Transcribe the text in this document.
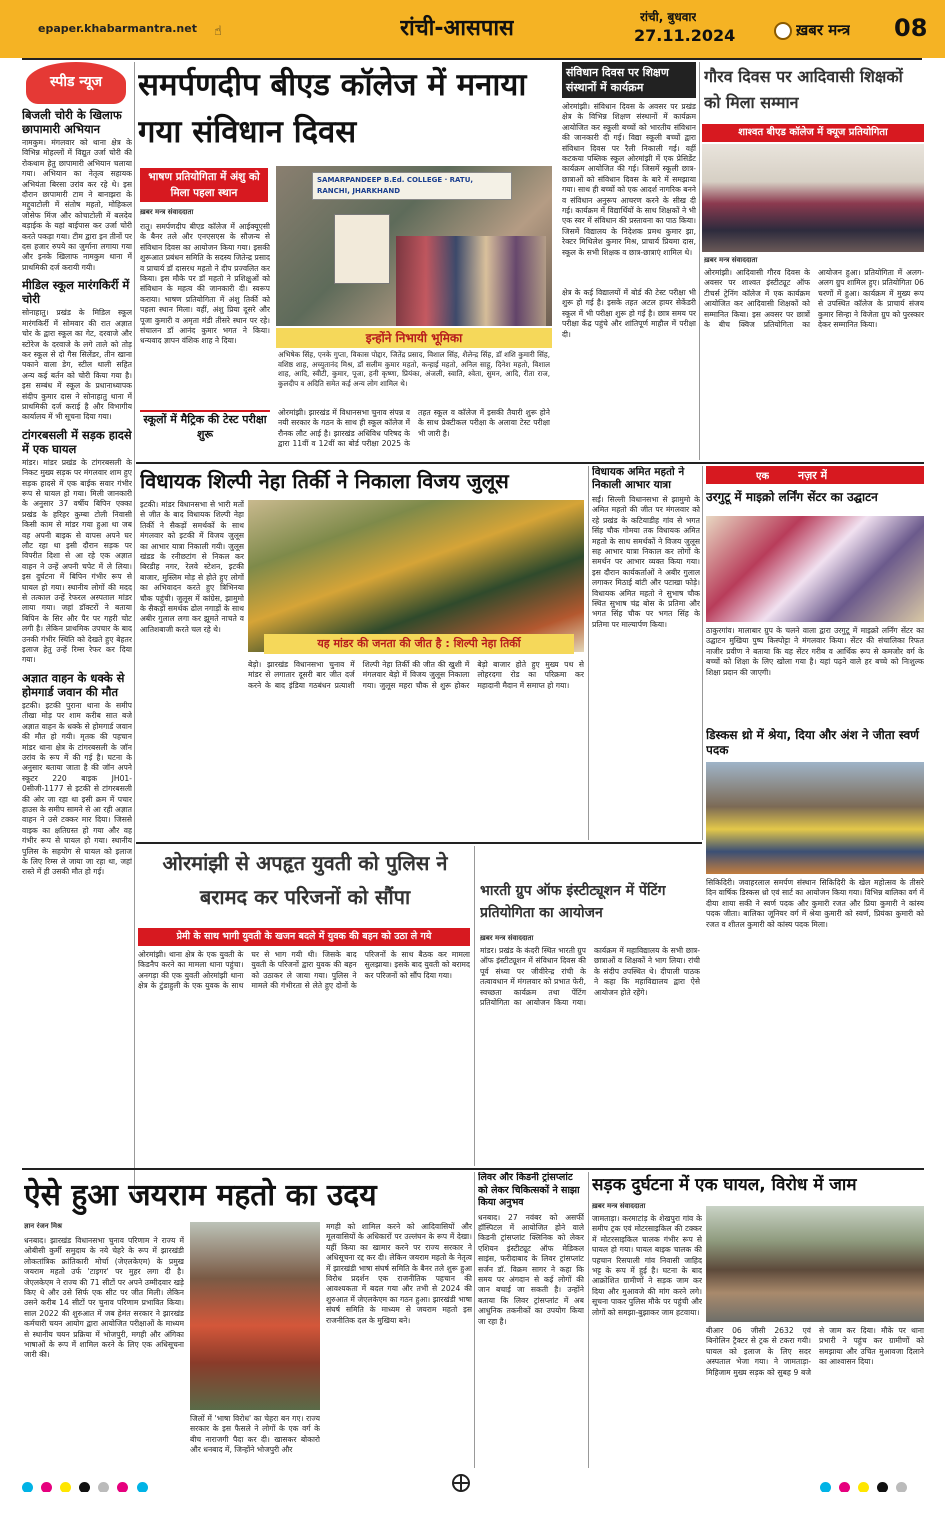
epaper.khabarmantra.net ☝	रांची-आसपास	रांची, बुधवार
27.11.2024	ख़बर मन्त्र 08
स्पीड न्यूज
बिजली चोरी के खिलाफ छापामारी अभियान
नामकुम। मंगलवार को थाना क्षेत्र के विभिन्न मोहल्लों में विद्युत उर्जा चोरी की रोकथाम हेतु छापामारी अभियान चलाया गया। अभियान का नेतृत्व सहायक अभियंता बिरसा उरांव कर रहे थे। इस दौरान छापामारी टाम ने बानाझरा के मद्दुवाटोली में संतोष महतो, मोहिकल जोसेफ मिंज और कोचाटोली में बलदेव बड़ाईक के यहां बाईपास कर उर्जा चोरी करते पकड़ा गया। टीम द्वारा इन तीनों पर दस हजार रुपये का जुर्माना लगाया गया और इनके खिलाफ नामकुम थाना में प्राथमिकी दर्ज करायी गयी।
मीडिल स्कूल मारंगकिर्री में चोरी
सोनाहातु। प्रखंड के मिडिल स्कूल मारंगकिर्री में सोमवार की रात अज्ञात चोर के द्वारा स्कूल का गेट, दरवाजे और स्टोरेज के दरवाजे के लगे ताले को तोड़ कर स्कूल से दो गैस सिलेंडर, तीन खाना पकाने वाला डेग, स्टील थाली सहित अन्य कई बर्तन को चोरी किया गया है। इस सम्बंध में स्कूल के प्रधानाध्यापक संदीप कुमार दास ने सोनाहातु थाना में प्राथमिकी दर्ज कराई है और विभागीय कार्यालय में भी सूचना दिया गया।
टांगरबसली में सड़क हादसे में एक घायल
मांडर। मांडर प्रखंड के टांगरबसली के निकट मुख्य सड़क पर मंगलवार शाम हुए सड़क हादसे में एक बाईक सवार गंभीर रूप से घायल हो गया। मिली जानकारी के अनुसार 37 वर्षीय बिपिन एक्का प्रखंड के हरिहर कुम्बा टोली निवासी किसी काम से मांडर गया हुआ था जब वह अपनी बाइक से वापस अपने घर लौट रहा था इसी दौरान सड़क पर विपरीत दिशा से आ रहे एक अज्ञात वाहन ने उन्हें अपनी चपेट में ले लिया। इस दुर्घटना में बिपिन गंभीर रूप से घायल हो गया। स्थानीय लोगों की मदद से तत्काल उन्हें रेफरल अस्पताल मांडर लाया गया। जहां डॉक्टरों ने बताया बिपिन के सिर और पैर पर गहरी चोट लगी है। लेकिन प्राथमिक उपचार के बाद उनकी गंभीर स्थिति को देखते हुए बेहतर इलाज हेतु उन्हें रिम्स रेफर कर दिया गया।
अज्ञात वाहन के धक्के से होमगार्ड जवान की मौत
इटकी। इटकी पुराना थाना के समीप तीखा मोड़ पर शाम करीब सात बजे अज्ञात वाहन के धक्के से होमगार्ड जवान की मौत हो गयी। मृतक की पहचान मांडर थाना क्षेत्र के टांगरबसली के जॉन उरांव के रूप में की गई है। घटना के अनुसार बताया जाता है की जॉन अपने स्कूटर 220 बाइक JH01-0सीजी-1177 से इटकी से टांगरबसली की ओर जा रहा था इसी क्रम में पचार हाउस के समीप सामने से आ रही अज्ञात वाहन ने उसे टक्कर मार दिया। जिससे वाइक का क्षतिग्रस्त हो गया और वह गंभीर रूप से घायल हो गया। स्थानीय पुलिस के सहयोग से घायल को इलाज के लिए रिम्स ले जाया जा रहा था, जहां रास्ते में ही उसकी मौत हो गई।
समर्पणदीप बीएड कॉलेज में मनाया गया संविधान दिवस
भाषण प्रतियोगिता में अंशु को मिला पहला स्थान
ख़बर मन्त्र संवाददाता
रातू। समर्पणदीप बीएड कॉलेज में आईक्यूएसी के बैनर तले और एनएसएस के सौजन्य से संविधान दिवस का आयोजन किया गया। इसकी शुरूआत प्रबंधन समिति के सदस्य जितेन्द्र प्रसाद व प्राचार्य डॉ दासरथ महतो ने दीप प्रज्वलित कर किया। इस मौके पर डॉ महतो ने प्रशिक्षुओं को संविधान के महत्व की जानकारी दी। स्वरूप कराया। भाषण प्रतियोगिता में अंशु तिर्की को पहला स्थान मिला। वहीं, अंशु प्रिया दूसरे और पूजा कुमारी व अमृता मंडी तीसरे स्थान पर रहे। संचालन डॉ आनंद कुमार भगत ने किया। धन्यवाद ज्ञापन वंशिक शाह ने दिया।
स्कूलों में मैट्रिक की टेस्ट परीक्षा शुरू
SAMARPANDEEP B.Ed. COLLEGE · RATU, RANCHI, JHARKHAND
इन्होंने निभायी भूमिका
अभिषेक सिंह, एनके गुप्ता, विकास पोद्दार, जितेंद्र प्रसाद, विशाल सिंह, शैलेन्द्र सिंह, डॉ शशि कुमारी सिंह, वशिष्ठ शाह, अच्युतानंद मिश्र, डॉ सलीम कुमार महतो, कन्हाई महतो, अनिल साहू, दिनेश महतो, विशाल शाह, आदि, स्वीटी, कुमार, पूजा, हनी कृष्णा, प्रियंका, अंजली, स्वाति, श्वेता, सुमन, आदि, रीता राज, कुलदीप व अदिति समेत कई अन्य लोग शामिल थे।
ओरमांझी। झारखंड में विधानसभा चुनाव संपन्न व नयी सरकार के गठन के साथ ही स्कूल कॉलेज में रौनक लौट आई है। झारखंड अधिविध परिषद के द्वारा 11वीं व 12वीं का बोर्ड परीक्षा 2025 के तहत स्कूल व कॉलेज में इसकी तैयारी शुरू होने के साथ प्रेक्टीकल परीक्षा के अलावा टेस्ट परीक्षा भी जारी है।
संविधान दिवस पर शिक्षण संस्थानों में कार्यक्रम
ओरमांझी। संविधान दिवस के अवसर पर प्रखंड क्षेत्र के विभिन्न शिक्षण संस्थानों में कार्यक्रम आयोजित कर स्कूली बच्चों को भारतीय संविधान की जानकारी दी गई। विद्या स्कूली बच्चों द्वारा संविधान दिवस पर रैली निकाली गई। वहीं कटकया पब्लिक स्कूल ओरमांझी में एक प्रेसिडेंट कार्यक्रम आयोजित की गई। जिसमें स्कूली छात्र-छात्राओं को संविधान दिवस के बारे में समझाया गया। साथ ही बच्चों को एक आदर्श नागरिक बनने व संविधान अनुरूप आचरण करने के सीख दी गई। कार्यक्रम में विद्यार्थियों के साथ शिक्षकों ने भी एक स्वर में संविधान की प्रस्तावना का पाठ किया। जिसमें विद्यालय के निदेशक प्रमथ कुमार झा, रेक्टर मिथिलेश कुमार मिश्र, प्राचार्य प्रियमा दास, स्कूल के सभी शिक्षक व छात्र-छात्राएं शामिल थे।
क्षेत्र के कई विद्यालयों में बोर्ड की टेस्ट परीक्षा भी शुरू हो गई है। इसके तहत अटल हायर सेकेंडरी स्कूल में भी परीक्षा शुरू हो गई है। छात्र समय पर परीक्षा केंद्र पहुंचे और शांतिपूर्ण माहौल में परीक्षा दी।
गौरव दिवस पर आदिवासी शिक्षकों को मिला सम्मान
शाश्वत बीएड कॉलेज में क्यूज प्रतियोगिता
ख़बर मन्त्र संवाददाता
ओरमांझी। आदिवासी गौरव दिवस के अवसर पर शाश्वत इंस्टीट्यूट ऑफ टीचर्स ट्रेनिंग कॉलेज में एक कार्यक्रम आयोजित कर आदिवासी शिक्षकों को सम्मानित किया। इस अवसर पर छात्रों के बीच क्विज प्रतियोगिता का आयोजन हुआ। प्रतियोगिता में अलग-अलग ग्रुप शामिल हुए। प्रतियोगिता 06 चरणों में हुआ। कार्यक्रम में मुख्य रूप से उपस्थित कॉलेज के प्राचार्य संजय कुमार सिन्हा ने विजेता ग्रुप को पुरस्कार देकर सम्मानित किया।
विधायक शिल्पी नेहा तिर्की ने निकाला विजय जुलूस
इटकी। मांडर विधानसभा से भारी मतों से जीत के बाद विधायक शिल्पी नेहा तिर्की ने सैकड़ों समर्थकों के साथ मंगलवार को इटकी में विजय जुलूस का आभार यात्रा निकाली गयी। जुलूस खंडड के रनीछटांग से निकल कर बिरडीह नगर, रेलवे स्टेशन, इटकी बाजार, मुस्लिम मोड़ से होते हुए लोगों का अभिवादन करते हुए त्रिभिनया चौक पहुंची। जुलूस में कांग्रेस, झामुमो के सैकड़ों समर्थक ढोल नगाड़ों के साथ अबीर गुलाल लगा कर झूमते नाचते व आतिशबाजी करते चल रहे थे।
यह मांडर की जनता की जीत है : शिल्पी नेहा तिर्की
बेड़ो। झारखंड विधानसभा चुनाव में मांडर से लगातार दूसरी बार जीत दर्ज करने के बाद इंडिया गठबंधन प्रत्याशी शिल्पी नेहा तिर्की की जीत की खुशी में मंगलवार बेड़ो में विजय जुलूस निकाला गया। जुलूस महरा चौक से शुरू होकर बेड़ो बाजार होते हुए मुख्य पथ से लोहरदगा रोड का परिक्रमा कर महादानी मैदान में समाप्त हो गया।
विधायक अमित महतो ने निकाली आभार यात्रा
सईं। सिल्ली विधानसभा से झामुमो के अमित महतो की जीत पर मंगलवार को रहे प्रखंड के कटियाडीह गांव से भगत सिंह चौक गोमया तक विधायक अमित महतो के साथ समर्थकों ने विजय जुलूस सह आभार यात्रा निकाल कर लोगों के समर्थन पर आभार व्यक्त किया गया। इस दौरान कार्यकर्ताओं ने अबीर गुलाल लगाकर मिठाई बांटी और पटाखा फोड़े। विधायक अमित महतो ने सुभाष चौक स्थित सुभाष चंद्र बोस के प्रतिमा और भगत सिंह चौक पर भगत सिंह के प्रतिमा पर माल्यार्पण किया।
एक	नज़र में
उरगुटू में माइक्रो लर्निंग सेंटर का उद्घाटन
ठाकुरगांव। मालाबार ग्रुप के चलने वाला द्वारा उरगुटू में माइक्रो लर्निंग सेंटर का उद्घाटन मुखिया पुष्प किस्पोट्टा ने मंगलवार किया। सेंटर की संचालिका रिफत नाजीर प्रवीण ने बताया कि यह सेंटर गरीब व आर्थिक रूप से कमजोर वर्ग के बच्चों को शिक्षा के लिए खोला गया है। यहां पढ़ने वाले हर बच्चे को निःशुल्क शिक्षा प्रदान की जाएगी।
डिस्कस थ्रो में श्रेया, दिया और अंश ने जीता स्वर्ण पदक
सिकिदिरी। जवाहरलाल समर्पण संस्थान सिकिदिरी के खेल महोत्सव के तीसरे दिन वार्षिक डिस्कस थ्रो एवं सार्ट का आयोजन किया गया। विभिन्न बालिका वर्ग में दीया शाया सकी ने स्वर्ण पदक और कुमारी रजत और प्रिया कुमारी ने कांस्य पदक जीता। बालिका जूनियर वर्ग में श्रेया कुमारी को स्वर्ण, प्रियंका कुमारी को रजत व शीतल कुमारी को कांस्य पदक मिला।
ओरमांझी से अपहृत युवती को पुलिस ने बरामद कर परिजनों को सौंपा
प्रेमी के साथ भागी युवती के खजन बदले में युवक की बहन को उठा ले गये
ओरमांझी। थाना क्षेत्र के एक युवती के किडनैप करने का मामला थाना पहुंचा। अनगड़ा की एक युवती ओरमांझी थाना क्षेत्र के टुंडाहुली के एक युवक के साथ घर से भाग गयी थी। जिसके बाद युवती के परिजनों द्वारा युवक की बहन को उठाकर ले जाया गया। पुलिस ने मामले की गंभीरता से लेते हुए दोनों के परिजनों के साथ बैठक कर मामला सुलझाया। इसके बाद युवती को बरामद कर परिजनों को सौंप दिया गया।
भारती ग्रुप ऑफ इंस्टीट्यूशन में पेंटिंग प्रतियोगिता का आयोजन
ख़बर मन्त्र संवाददाता
मांडर। प्रखंड के कंदरी स्थित भारती ग्रुप ऑफ इंस्टीट्यूशन में संविधान दिवस की पूर्व संध्या पर जीवीरेन्द्र रांची के तत्वावधान में मंगलवार को प्रभात फेरी, स्वच्छता कार्यक्रम तथा पेंटिंग प्रतियोगिता का आयोजन किया गया। कार्यक्रम में महाविद्यालय के सभी छात्र-छात्राओं व शिक्षकों ने भाग लिया। रांची के संदीप उपस्थित थे। दीपाली पाठक ने कहा कि महाविद्यालय द्वारा ऐसे आयोजन होते रहेंगे।
ऐसे हुआ जयराम महतो का उदय
ज्ञान रंजन मिश्र
धनबाद। झारखंड विधानसभा चुनाव परिणाम ने राज्य में ओबीसी कुर्मी समुदाय के नये चेहरे के रूप में झारखंडी लोकतांत्रिक क्रांतिकारी मोर्चा (जेएलकेएम) के प्रमुख जयराम महतो उर्फ 'टाइगर' पर मुहर लगा दी है। जेएलकेएम ने राज्य की 71 सीटों पर अपने उम्मीदवार खड़े किए थे और उसे सिर्फ एक सीट पर जीत मिली। लेकिन उसने करीब 14 सीटों पर चुनाव परिणाम प्रभावित किया। साल 2022 की शुरुआत में जब हेमंत सरकार ने झारखंड कर्मचारी चयन आयोग द्वारा आयोजित परीक्षाओं के माध्यम से स्थानीय चयन प्रक्रिया में भोजपुरी, मगही और अंगिका भाषाओं के रूप में शामिल करने के लिए एक अधिसूचना जारी की।
जिलों में 'भाषा विरोध' का चेहरा बन गए। राज्य सरकार के इस फैसले ने लोगों के एक वर्ग के बीच नाराजगी पैदा कर दी। खासकर बोकारो और धनबाद में, जिन्होंने भोजपुरी और
मगही को शामिल करने को आदिवासियों और मूलवासियों के अधिकारों पर उल्लंघन के रूप में देखा। यहीं किया का खामार करने पर राज्य सरकार ने अधिसूचना रद्द कर दी। लेकिन जयराम महतो के नेतृत्व में झारखंडी भाषा संघर्ष समिति के बैनर तले शुरू हुआ विरोध प्रदर्शन एक राजनीतिक पहचान की आवश्यकता में बदल गया और तभी से 2024 की शुरुआत में जेएलकेएम का गठन हुआ। झारखंडी भाषा संघर्ष समिति के माध्यम से जयराम महतो इस राजनीतिक दल के मुखिया बने।
लिवर और किडनी ट्रांसप्लांट को लेकर चिकित्सकों ने साझा किया अनुभव
धनबाद। 27 नवंबर को असर्फी हॉस्पिटल में आयोजित होने वाले किडनी ट्रांसप्लांट क्लिनिक को लेकर एशियन इंस्टीट्यूट ऑफ मेडिकल साइंस, फरीदाबाद के लिवर ट्रांसप्लांट सर्जन डॉ. विक्रम सागर ने कहा कि समय पर अंगदान से कई लोगों की जान बचाई जा सकती है। उन्होंने बताया कि लिवर ट्रांसप्लांट में अब आधुनिक तकनीकों का उपयोग किया जा रहा है।
सड़क दुर्घटना में एक घायल, विरोध में जाम
ख़बर मन्त्र संवाददाता
जामताड़ा। करमाटांड़ के शेखपुरा गांव के समीप ट्रक एवं मोटरसाइकिल की टक्कर में मोटरसाइकिल चालक गंभीर रूप से घायल हो गया। घायल बाइक चालक की पहचान रिसपाली गांव निवासी जाहिद भट्ट के रूप में हुई है। घटना के बाद आक्रोशित ग्रामीणों ने सड़क जाम कर दिया और मुआवजे की मांग करने लगे। सूचना पाकर पुलिस मौके पर पहुंची और लोगों को समझा-बुझाकर जाम हटवाया।
बीआर 06 जीसी 2632 एवं बिनोलिन ट्रैक्टर से ट्रक से टकरा गयी। घायल को इलाज के लिए सदर अस्पताल भेजा गया। ने जामताड़ा-मिहिजाम मुख्य सड़क को सुबह 9 बजे से जाम कर दिया। मौके पर थाना प्रभारी ने पहुंच कर ग्रामीणों को समझाया और उचित मुआवजा दिलाने का आश्वासन दिया।
